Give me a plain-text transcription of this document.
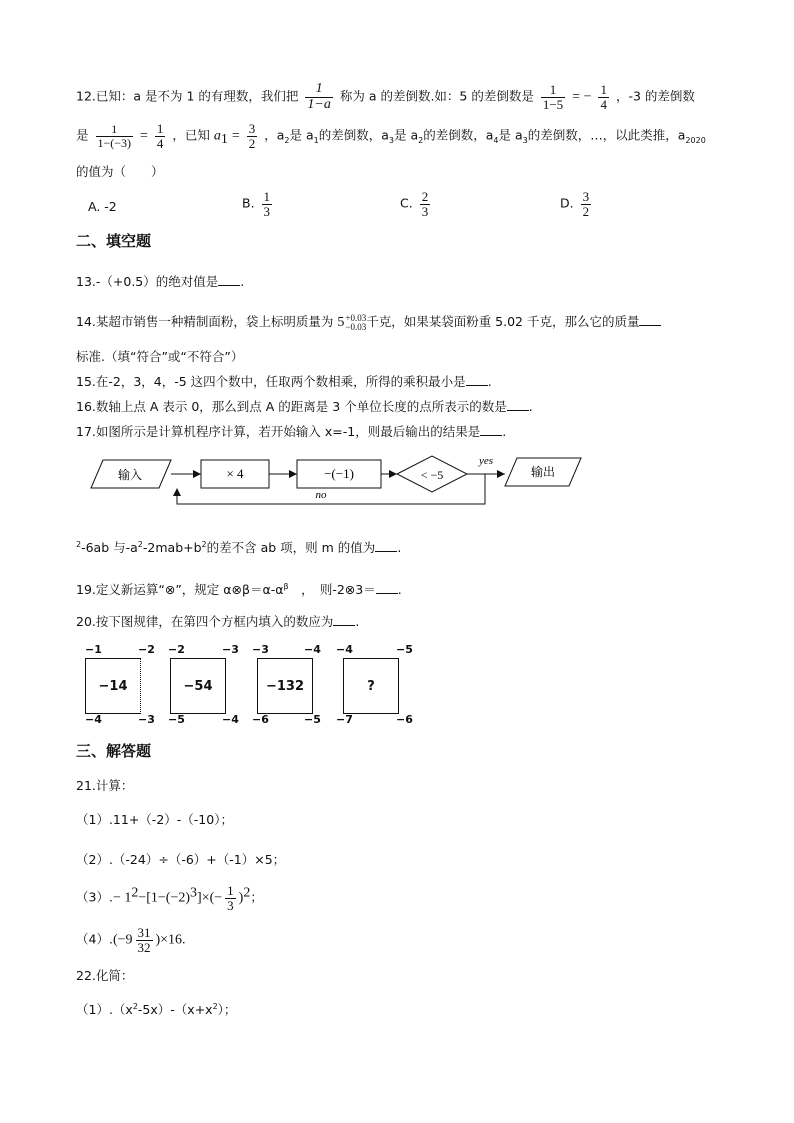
12.已知：a 是不为 1 的有理数，我们把 $\frac{1}{1-a}$ 称为 a 的差倒数.如：5 的差倒数是 $\frac{1}{1-5}$ = − $\frac{1}{4}$ ，-3 的差倒数
是 $\frac{1}{1-(-3)} = \frac{1}{4}$ ，已知 $a_1 = \frac{3}{2}$ ，$a_2$是 $a_1$的差倒数，$a_3$是 $a_2$的差倒数，$a_4$是 $a_3$的差倒数，…，以此类推，$a_{2020}$
的值为（　　）
A. -2	B. $\frac{1}{3}$	C. $\frac{2}{3}$	D. $\frac{3}{2}$
二、填空题
13.-（+0.5）的绝对值是 .
14.某超市销售一种精制面粉，袋上标明质量为 5 +0.03
−0.03 千克，如果某袋面粉重 5.02 千克，那么它的质量
标准.（填“符合”或“不符合”）
15.在-2，3，4，-5 这四个数中，任取两个数相乘，所得的乘积最小是 .
16.数轴上点 A 表示 0，那么到点 A 的距离是 3 个单位长度的点所表示的数是 .
17.如图所示是计算机程序计算，若开始输入 x=-1，则最后输出的结果是 .
输入	× 4	−(−1)	< −5
yes
no
输出
$^2$-6ab 与$-a^2-2mab+b^2$的差不含 ab 项，则 m 的值为 .
19.定义新运算“⊗”，规定 $\alpha\otimes\beta=\alpha-\alpha^\beta$　，　则-2⊗3＝ .
20.按下图规律，在第四个方框内填入的数应为 .
−1	−2
−14
−4	−3
−2	−3
−54
−5	−4
−3	−4
−132
−6	−5
−4	−5
?
−7	−6
三、解答题
21.计算：
（1）.11+（-2）-（-10）；
（2）.（-24）÷（-6）+（-1）×5；
$(3).- 1^2-[1-(-2)^3]\times(- \frac{1}{3} )^2$；
$(4).(-9 \frac{31}{32} )\times 16$.
22.化简：
$(1).(x^2-5x)-(x+x^2)$；
